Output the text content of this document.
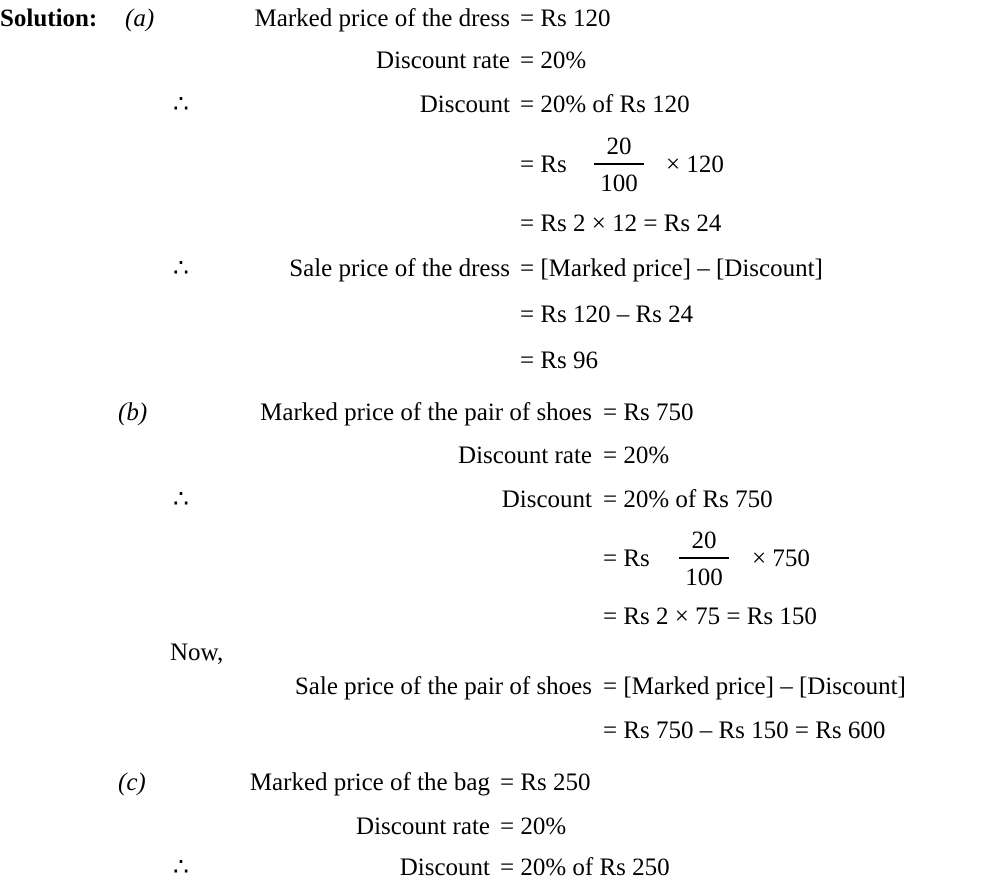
Solution: (a)	Marked price of the dress = Rs 120
Discount rate = 20%
∴	Discount = 20% of Rs 120
= Rs
20
100
× 120
= Rs 2 × 12 = Rs 24
∴	Sale price of the dress = [Marked price] – [Discount]
= Rs 120 – Rs 24
= Rs 96
(b)	Marked price of the pair of shoes = Rs 750
Discount rate = 20%
∴	Discount = 20% of Rs 750
= Rs
20
100
× 750
= Rs 2 × 75 = Rs 150
Now,
Sale price of the pair of shoes = [Marked price] – [Discount]
= Rs 750 – Rs 150 = Rs 600
(c)	Marked price of the bag = Rs 250
Discount rate = 20%
∴	Discount = 20% of Rs 250
